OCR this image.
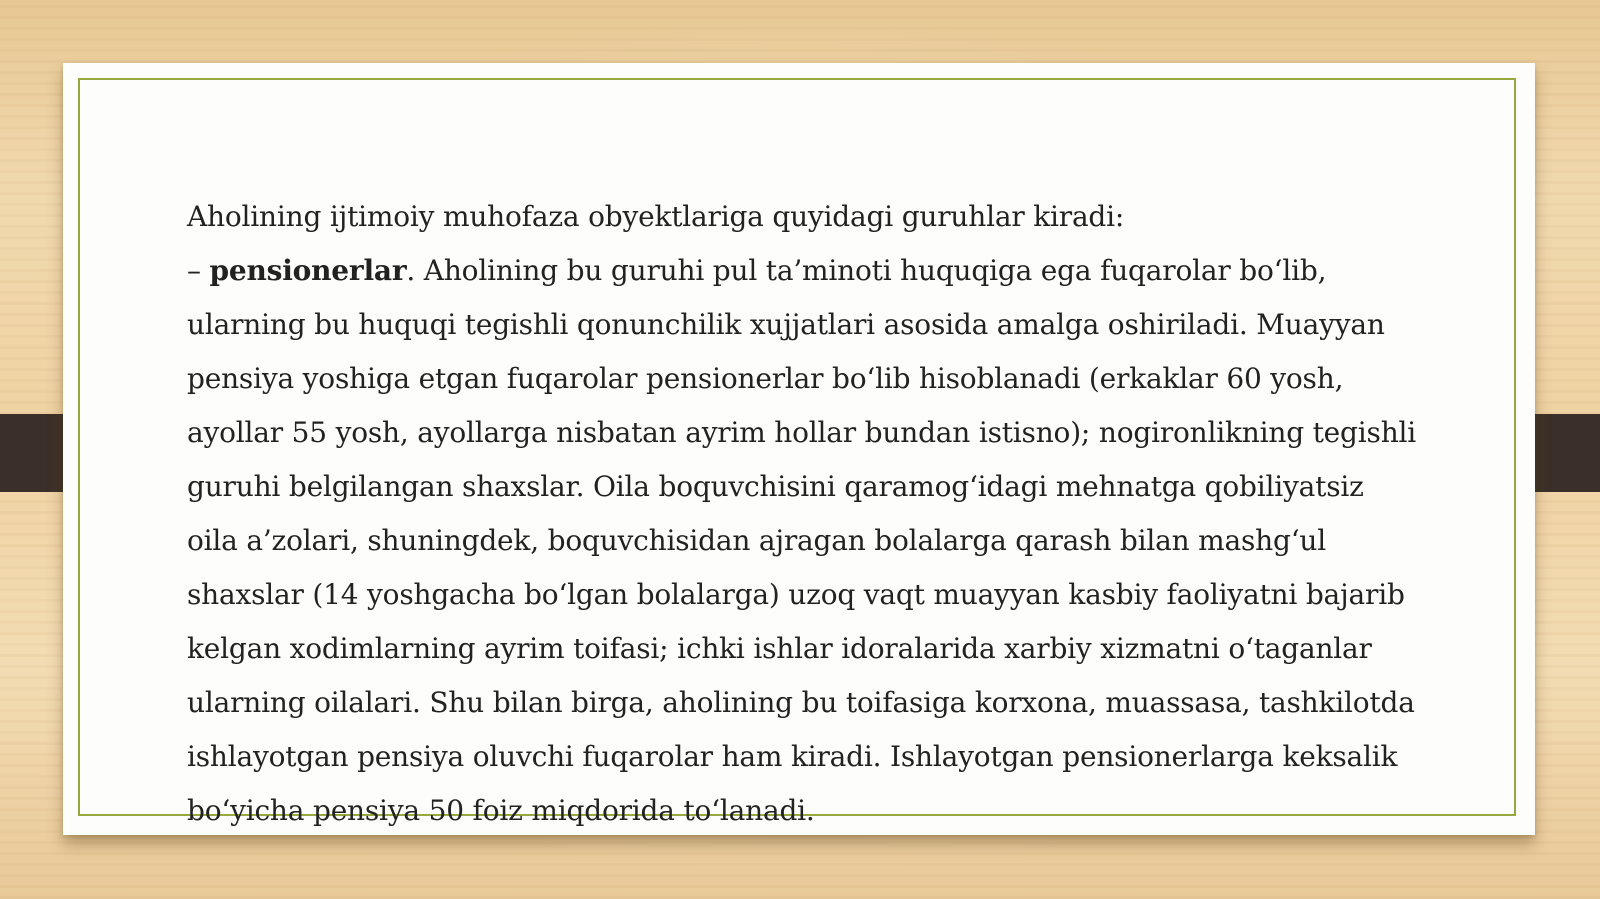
Aholining ijtimoiy muhofaza obyektlariga quyidagi guruhlar kiradi:

– pensionerlar. Aholining bu guruhi pul ta’minoti huquqiga ega fuqarolar bo‘lib, ularning bu huquqi tegishli qonunchilik xujjatlari asosida amalga oshiriladi. Muayyan pensiya yoshiga etgan fuqarolar pensionerlar bo‘lib hisoblanadi (erkaklar 60 yosh, ayollar 55 yosh, ayollarga nisbatan ayrim hollar bundan istisno); nogironlikning tegishli guruhi belgilangan shaxslar. Oila boquvchisini qaramog‘idagi mehnatga qobiliyatsiz oila a’zolari, shuningdek, boquvchisidan ajragan bolalarga qarash bilan mashg‘ul shaxslar (14 yoshgacha bo‘lgan bolalarga) uzoq vaqt muayyan kasbiy faoliyatni bajarib kelgan xodimlarning ayrim toifasi; ichki ishlar idoralarida xarbiy xizmatni o‘taganlar ularning oilalari. Shu bilan birga, aholining bu toifasiga korxona, muassasa, tashkilotda ishlayotgan pensiya oluvchi fuqarolar ham kiradi. Ishlayotgan pensionerlarga keksalik bo‘yicha pensiya 50 foiz miqdorida to‘lanadi.
